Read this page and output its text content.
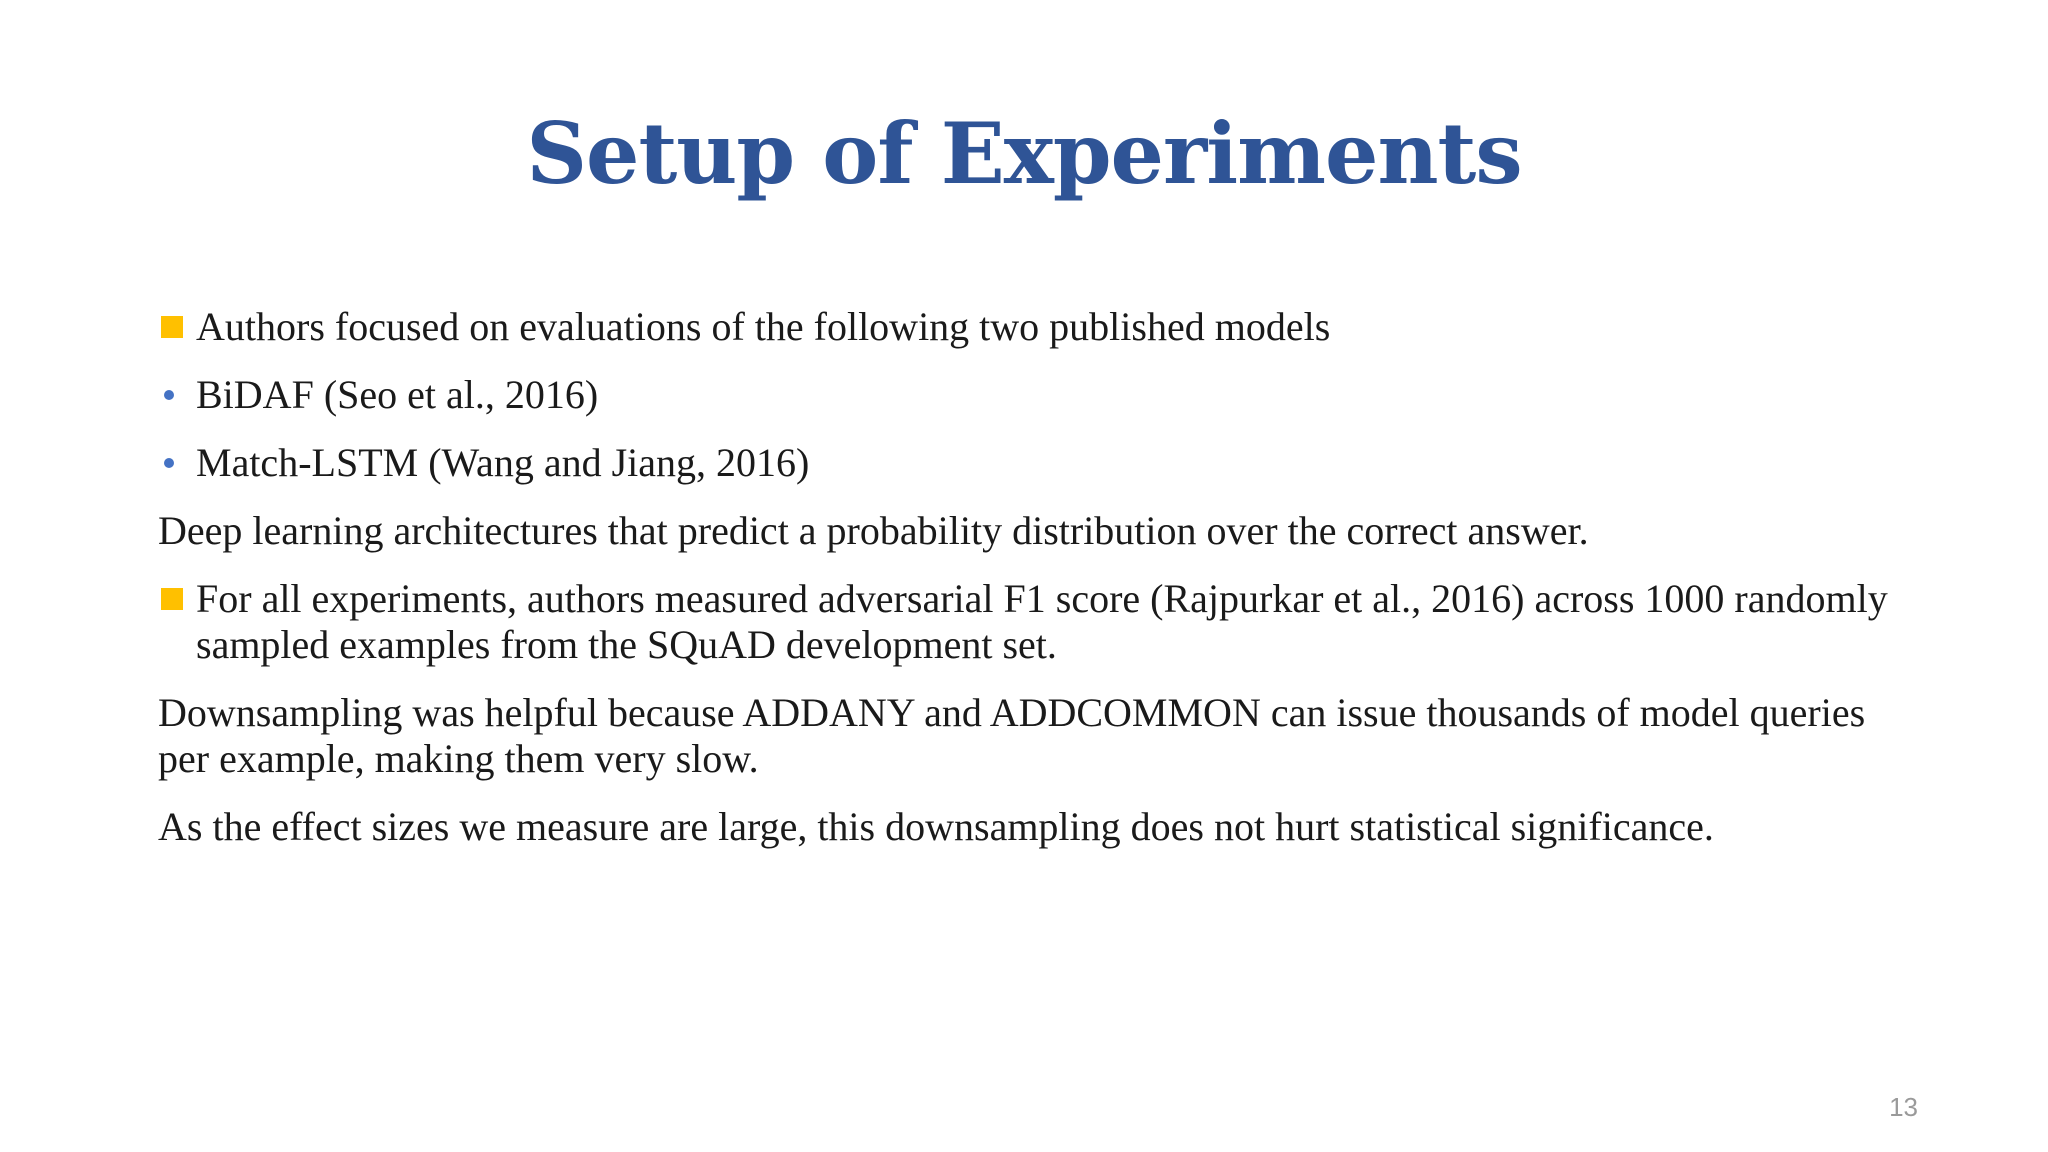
Setup of Experiments
Authors focused on evaluations of the following two published models
BiDAF (Seo et al., 2016)
Match-LSTM (Wang and Jiang, 2016)
Deep learning architectures that predict a probability distribution over the correct answer.
For all experiments, authors measured adversarial F1 score (Rajpurkar et al., 2016) across 1000 randomly sampled examples from the SQuAD development set.
Downsampling was helpful because ADDANY and ADDCOMMON can issue thousands of model queries per example, making them very slow.
As the effect sizes we measure are large, this downsampling does not hurt statistical significance.
13
